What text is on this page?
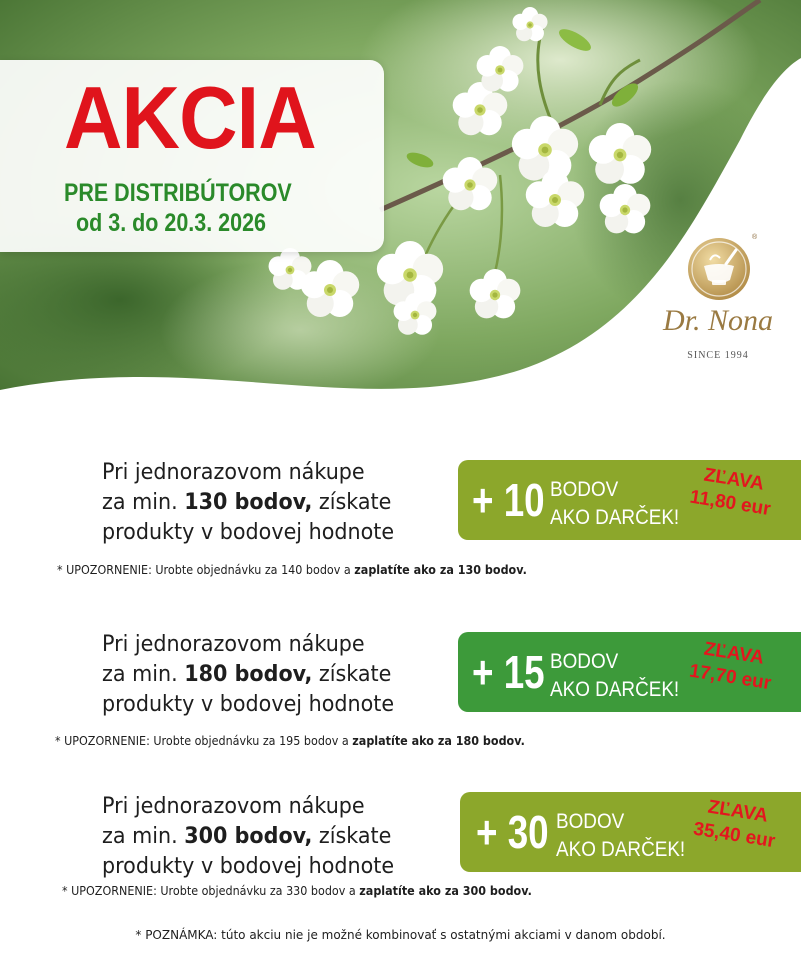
AKCIA
PRE DISTRIBÚTOROV
od 3. do 20.3. 2026
®
Dr. Nona
SINCE 1994
Pri jednorazovom nákupe
za min. 130 bodov, získate
produkty v bodovej hodnote
+ 10 BODOV
AKO DARČEK!
ZĽAVA
11,80 eur
* UPOZORNENIE: Urobte objednávku za 140 bodov a zaplatíte ako za 130 bodov.
Pri jednorazovom nákupe
za min. 180 bodov, získate
produkty v bodovej hodnote
+ 15 BODOV
AKO DARČEK!
ZĽAVA
17,70 eur
* UPOZORNENIE: Urobte objednávku za 195 bodov a zaplatíte ako za 180 bodov.
Pri jednorazovom nákupe
za min. 300 bodov, získate
produkty v bodovej hodnote
+ 30 BODOV
AKO DARČEK!
ZĽAVA
35,40 eur
* UPOZORNENIE: Urobte objednávku za 330 bodov a zaplatíte ako za 300 bodov.
* POZNÁMKA: túto akciu nie je možné kombinovať s ostatnými akciami v danom období.
